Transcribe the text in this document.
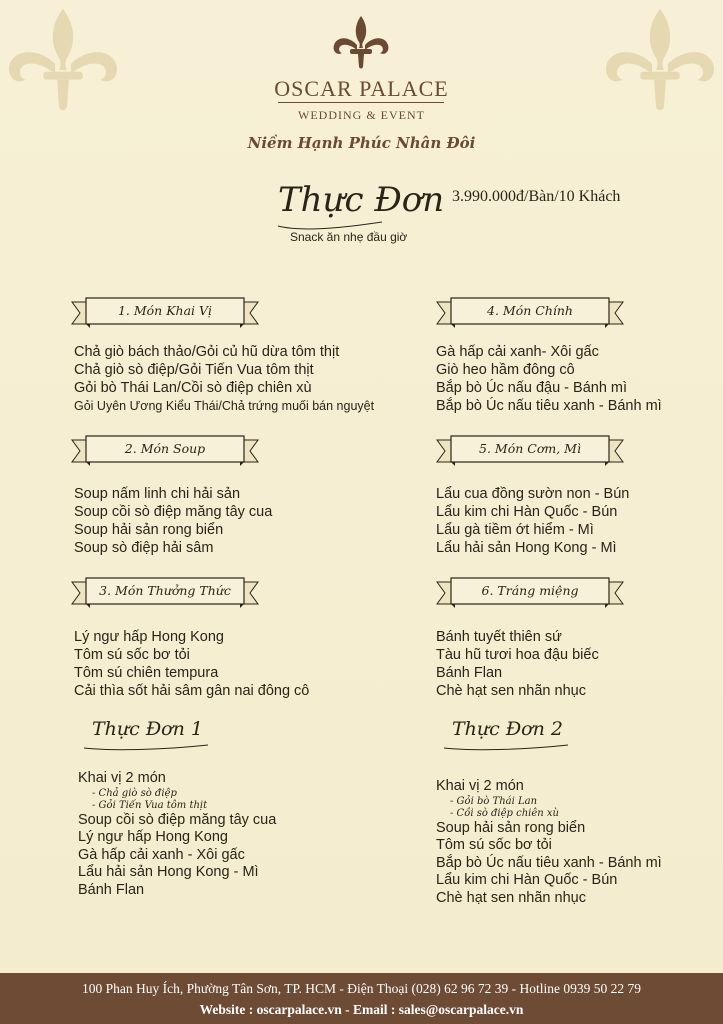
OSCAR PALACE
WEDDING & EVENT
Niềm Hạnh Phúc Nhân Đôi
Thực Đơn 3.990.000đ/Bàn/10 Khách
Snack ăn nhẹ đầu giờ
1. Món Khai Vị
Chả giò bách thảo/Gỏi củ hũ dừa tôm thịt
Chả giò sò điệp/Gỏi Tiến Vua tôm thịt
Gỏi bò Thái Lan/Cồi sò điệp chiên xù
Gỏi Uyên Ương Kiểu Thái/Chả trứng muối bán nguyệt
4. Món Chính
Gà hấp cải xanh- Xôi gấc
Giò heo hầm đông cô
Bắp bò Úc nấu đậu - Bánh mì
Bắp bò Úc nấu tiêu xanh - Bánh mì
2. Món Soup
Soup nấm linh chi hải sản
Soup cồi sò điệp măng tây cua
Soup hải sản rong biển
Soup sò điệp hải sâm
5. Món Cơm, Mì
Lẩu cua đồng sườn non - Bún
Lẩu kim chi Hàn Quốc - Bún
Lẩu gà tiềm ớt hiểm - Mì
Lẩu hải sản Hong Kong - Mì
3. Món Thưởng Thức
Lý ngư hấp Hong Kong
Tôm sú sốc bơ tỏi
Tôm sú chiên tempura
Cải thìa sốt hải sâm gân nai đông cô
6. Tráng miệng
Bánh tuyết thiên sứ
Tàu hũ tươi hoa đậu biếc
Bánh Flan
Chè hạt sen nhãn nhục
Thực Đơn 1
Khai vị 2 món
- Chả giò sò điệp
- Gỏi Tiến Vua tôm thịt
Soup cồi sò điệp măng tây cua
Lý ngư hấp Hong Kong
Gà hấp cải xanh - Xôi gấc
Lẩu hải sản Hong Kong - Mì
Bánh Flan
Thực Đơn 2
Khai vị 2 món
- Gỏi bò Thái Lan
- Cồi sò điệp chiên xù
Soup hải sản rong biển
Tôm sú sốc bơ tỏi
Bắp bò Úc nấu tiêu xanh - Bánh mì
Lẩu kim chi Hàn Quốc - Bún
Chè hạt sen nhãn nhục
100 Phan Huy Ích, Phường Tân Sơn, TP. HCM - Điện Thoại (028) 62 96 72 39 - Hotline 0939 50 22 79
Website : oscarpalace.vn - Email : sales@oscarpalace.vn
